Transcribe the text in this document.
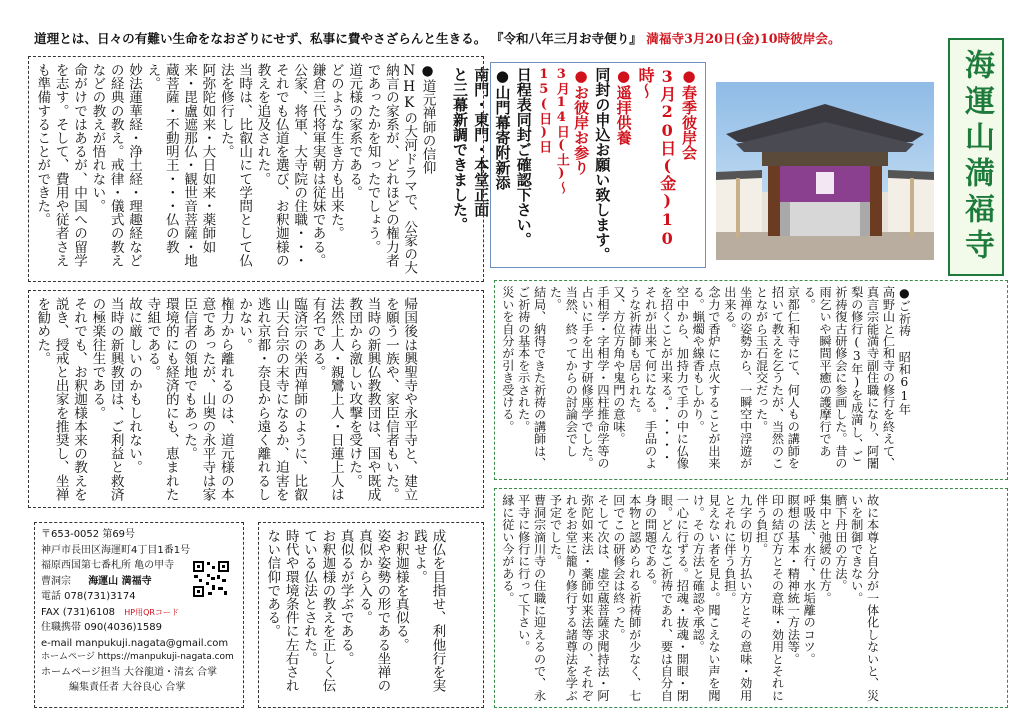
道理とは、日々の有難い生命をなおざりにせず、私事に費やさざらんと生きる。 『令和八年三月お寺便り』 満福寺3月20日(金)10時彼岸会。
海運山満福寺
●春季彼岸会
3月20日(金)10時～
●遥拝供養
同封の申込お願い致します。
●お彼岸お参り
3月14日(土)～15(日)日
日程表同封ご確認下さい。
●山門幕寄附新添
南門・東門・本堂正面
と三幕新調できました。
●道元禅師の信仰
NHKの大河ドラマで、公家の大納言の家系が、どれほどの権力者であったかを知ったでしょう。
道元様の家系である。
どのような生き方も出来た。
鎌倉三代将軍実朝は従妹である。公家、将軍、大寺院の住職・・・
それでも仏道を選び、お釈迦様の教えを追及された。
当時は、比叡山にて学問として仏法を修行した。
阿弥陀如来・大日如来・薬師如来・毘盧遮那仏・観世音菩薩・地蔵菩薩・不動明王・・・仏の教え。
妙法蓮華経・浄土経・理趣経などの経典の教え。戒律・儀式の教えなどの教えが悟れない。
命がけではあるが、中国への留学を志す。そして、費用や従者さえも準備することができた。
帰国後は興聖寺や永平寺と、建立を願う一族や、家臣信者もいた。
当時の新興仏教教団は、国や既成教団から激しい攻撃を受けた。
法然上人・親鸞上人・日蓮上人は有名である。
臨済宗の栄西禅師のように、比叡山天台宗の末寺になるか、迫害を逃れ京都・奈良から遠く離れるしかない。
権力から離れるのは、道元様の本意であったが、山奥の永平寺は家臣信者の領地でもあった。
環境的にも経済的にも、恵まれた寺組である。
故に厳しいのかもしれない。
当時の新興教団は、ご利益と救済の極楽往生である。
それでも、お釈迦様本来の教えを説き、授戒と出家を推奨し、坐禅を勧めた。
成仏を目指せ、利他行を実践せよ。
お釈迦様を真似る。
姿や姿勢の形である坐禅の真似から入る。
真似るが学ぶである。
お釈迦様の教えを正しく伝ている仏法とされた。
時代や環境条件に左右されない信仰である。
●ご祈祷 昭和61年
高野山と仁和寺の修行を終えて、真言宗能満寺副住職になり、阿闍梨の修行(3年)を成満し、ご祈祷復古研修会に参画した。昔の雨乞いや瞬間平癒の護摩行である。
京都仁和寺にて、何人もの講師を招いて教えを乞うたが、当然のことながら玉石混交だった。
坐禅の姿勢から、一瞬空中浮遊が出来る。
念力で香炉に点火することが出来る。蝋燭や線香もしかり。
空中から、加持力で手の中に仏像を招くことが出来る。・・・・・
それが出来て何になる。手品のような祈祷師も居られた。
又、方位方角や鬼門の意味。
手相学・字相学・四柱推命学等の占いに手を出す研修座学でした。
当然、終ってからの討論会でした。
結局、納得できた祈祷の講師は、ご祈祷の基本を示された。
災いを自分が引き受ける。
故に本尊と自分が一体化しないと、災いを制御できない。
臍下丹田の方法。
集中と弛緩の仕方。
呼吸法、水行、水垢離のコツ。
瞑想の基本・精神統一方法等。
印の結び方とその意味・効用とそれに伴う負担。
九字の切り方払い方とその意味・効用とそれに伴う負担。
見えない者を見よ。聞こえない声を聞け。その方法と確認や承認。
一心に行ずる。招魂・抜魂・開眼・閉眼。どんなご祈祷であれ、要は自分自身の問題である。
本物と認められる祈祷師が少なく、七回でこの研修会は終った。
そして次は、虚空蔵菩薩求聞持法・阿弥陀如来法・薬師如来法等の、それぞれをお堂に籠り修行する諸尊法を学ぶ予定でした。
曹洞宗滴川寺の住職に迎えるので、永平寺に修行に行って下さい。
縁に従い今がある。
〒653-0052 第69号
神戸市長田区海運町4丁目1番1号
福原西国第七番札所 亀の甲寺
曹洞宗 海運山 満福寺
電話 078(731)3174
FAX (731)6108 HP用QRコード
住職携帯 090(4036)1589
e-mail manpukuji.nagata@gmail.com
ホームページ https://manpukuji-nagata.com
ホームページ担当 大谷龍道・清玄 合掌
編集責任者 大谷良心 合掌
